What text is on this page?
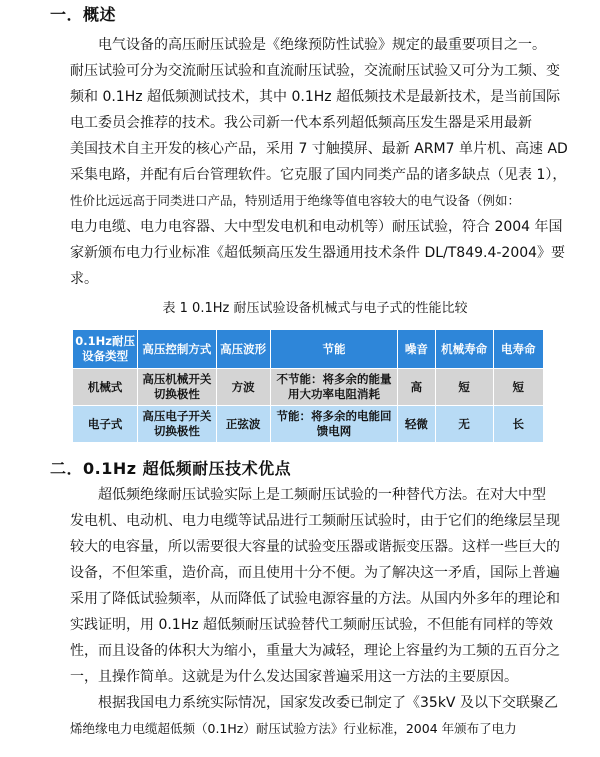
一．概述
电气设备的高压耐压试验是《绝缘预防性试验》规定的最重要项目之一。
耐压试验可分为交流耐压试验和直流耐压试验，交流耐压试验又可分为工频、变
频和 0.1Hz 超低频测试技术，其中 0.1Hz 超低频技术是最新技术，是当前国际
电工委员会推荐的技术。我公司新一代本系列超低频高压发生器是采用最新
美国技术自主开发的核心产品，采用 7 寸触摸屏、最新 ARM7 单片机、高速 AD
采集电路，并配有后台管理软件。它克服了国内同类产品的诸多缺点（见表 1），
性价比远远高于同类进口产品，特别适用于绝缘等值电容较大的电气设备（例如：
电力电缆、电力电容器、大中型发电机和电动机等）耐压试验，符合 2004 年国
家新颁布电力行业标准《超低频高压发生器通用技术条件 DL/T849.4-2004》要
求。
表 1 0.1Hz 耐压试验设备机械式与电子式的性能比较
0.1Hz耐压设备类型	高压控制方式	高压波形	节能	噪音	机械寿命	电寿命
机械式	高压机械开关切换极性	方波	不节能：将多余的能量用大功率电阻消耗	高	短	短
电子式	高压电子开关切换极性	正弦波	节能：将多余的电能回馈电网	轻微	无	长
二．0.1Hz 超低频耐压技术优点
超低频绝缘耐压试验实际上是工频耐压试验的一种替代方法。在对大中型
发电机、电动机、电力电缆等试品进行工频耐压试验时，由于它们的绝缘层呈现
较大的电容量，所以需要很大容量的试验变压器或谐振变压器。这样一些巨大的
设备，不但笨重，造价高，而且使用十分不便。为了解决这一矛盾，国际上普遍
采用了降低试验频率，从而降低了试验电源容量的方法。从国内外多年的理论和
实践证明，用 0.1Hz 超低频耐压试验替代工频耐压试验，不但能有同样的等效
性，而且设备的体积大为缩小，重量大为减轻，理论上容量约为工频的五百分之
一，且操作简单。这就是为什么发达国家普遍采用这一方法的主要原因。
根据我国电力系统实际情况，国家发改委已制定了《35kV 及以下交联聚乙
烯绝缘电力电缆超低频（0.1Hz）耐压试验方法》行业标准，2004 年颁布了电力
